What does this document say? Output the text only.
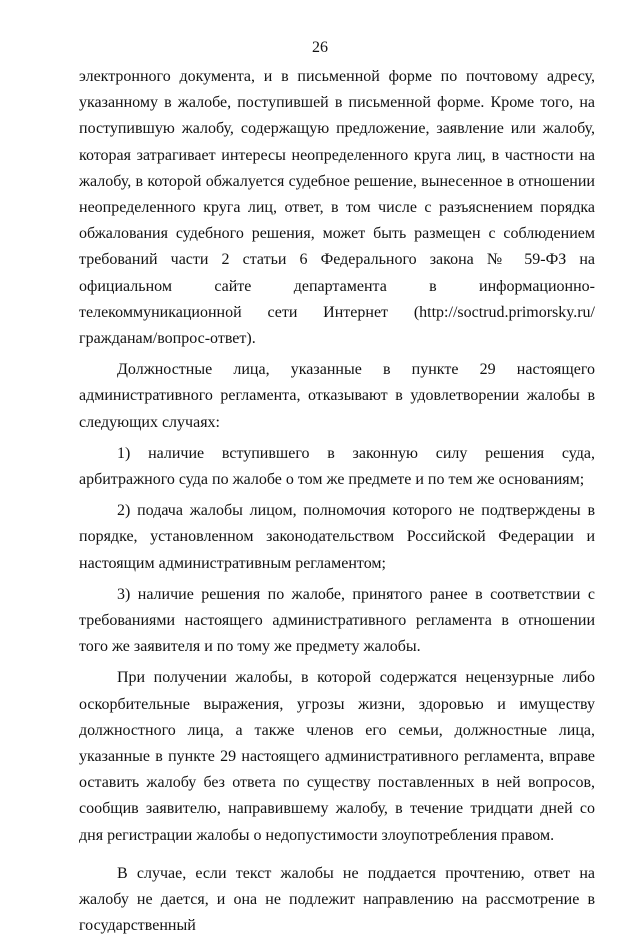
26

электронного документа, и в письменной форме по почтовому адресу, указанному в жалобе, поступившей в письменной форме. Кроме того, на поступившую жалобу, содержащую предложение, заявление или жалобу, которая затрагивает интересы неопределенного круга лиц, в частности на жалобу, в которой обжалуется судебное решение, вынесенное в отношении неопределенного круга лиц, ответ, в том числе с разъяснением порядка обжалования судебного решения, может быть размещен с соблюдением требований части 2 статьи 6 Федерального закона № 59-ФЗ на официальном сайте департамента в информационно-телекоммуникационной сети Интернет (http://soctrud.primorsky.ru/гражданам/вопрос-ответ).

Должностные лица, указанные в пункте 29 настоящего административного регламента, отказывают в удовлетворении жалобы в следующих случаях:

1) наличие вступившего в законную силу решения суда, арбитражного суда по жалобе о том же предмете и по тем же основаниям;

2) подача жалобы лицом, полномочия которого не подтверждены в порядке, установленном законодательством Российской Федерации и настоящим административным регламентом;

3) наличие решения по жалобе, принятого ранее в соответствии с требованиями настоящего административного регламента в отношении того же заявителя и по тому же предмету жалобы.

При получении жалобы, в которой содержатся нецензурные либо оскорбительные выражения, угрозы жизни, здоровью и имуществу должностного лица, а также членов его семьи, должностные лица, указанные в пункте 29 настоящего административного регламента, вправе оставить жалобу без ответа по существу поставленных в ней вопросов, сообщив заявителю, направившему жалобу, в течение тридцати дней со дня регистрации жалобы о недопустимости злоупотребления правом.

В случае, если текст жалобы не поддается прочтению, ответ на жалобу не дается, и она не подлежит направлению на рассмотрение в государственный
